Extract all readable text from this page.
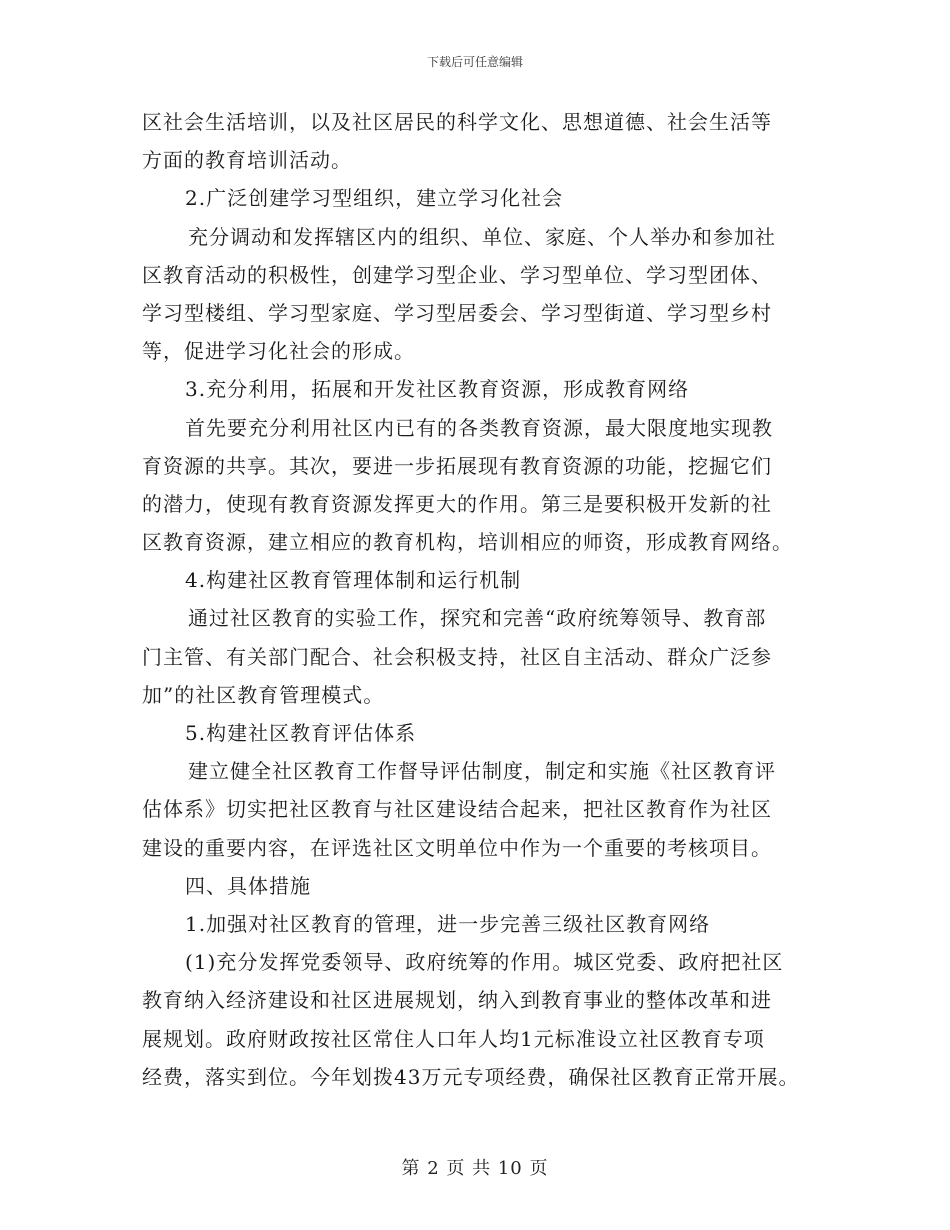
下载后可任意编辑
区社会生活培训，以及社区居民的科学文化、思想道德、社会生活等
方面的教育培训活动。
2.广泛创建学习型组织，建立学习化社会
充分调动和发挥辖区内的组织、单位、家庭、个人举办和参加社
区教育活动的积极性，创建学习型企业、学习型单位、学习型团体、
学习型楼组、学习型家庭、学习型居委会、学习型街道、学习型乡村
等，促进学习化社会的形成。
3.充分利用，拓展和开发社区教育资源，形成教育网络
首先要充分利用社区内已有的各类教育资源，最大限度地实现教
育资源的共享。其次，要进一步拓展现有教育资源的功能，挖掘它们
的潜力，使现有教育资源发挥更大的作用。第三是要积极开发新的社
区教育资源，建立相应的教育机构，培训相应的师资，形成教育网络。
4.构建社区教育管理体制和运行机制
通过社区教育的实验工作，探究和完善“政府统筹领导、教育部
门主管、有关部门配合、社会积极支持，社区自主活动、群众广泛参
加”的社区教育管理模式。
5.构建社区教育评估体系
建立健全社区教育工作督导评估制度，制定和实施《社区教育评
估体系》切实把社区教育与社区建设结合起来，把社区教育作为社区
建设的重要内容，在评选社区文明单位中作为一个重要的考核项目。
四、具体措施
1.加强对社区教育的管理，进一步完善三级社区教育网络
(1)充分发挥党委领导、政府统筹的作用。城区党委、政府把社区
教育纳入经济建设和社区进展规划，纳入到教育事业的整体改革和进
展规划。政府财政按社区常住人口年人均1元标准设立社区教育专项
经费，落实到位。今年划拨43万元专项经费，确保社区教育正常开展。
第 2 页 共 10 页
